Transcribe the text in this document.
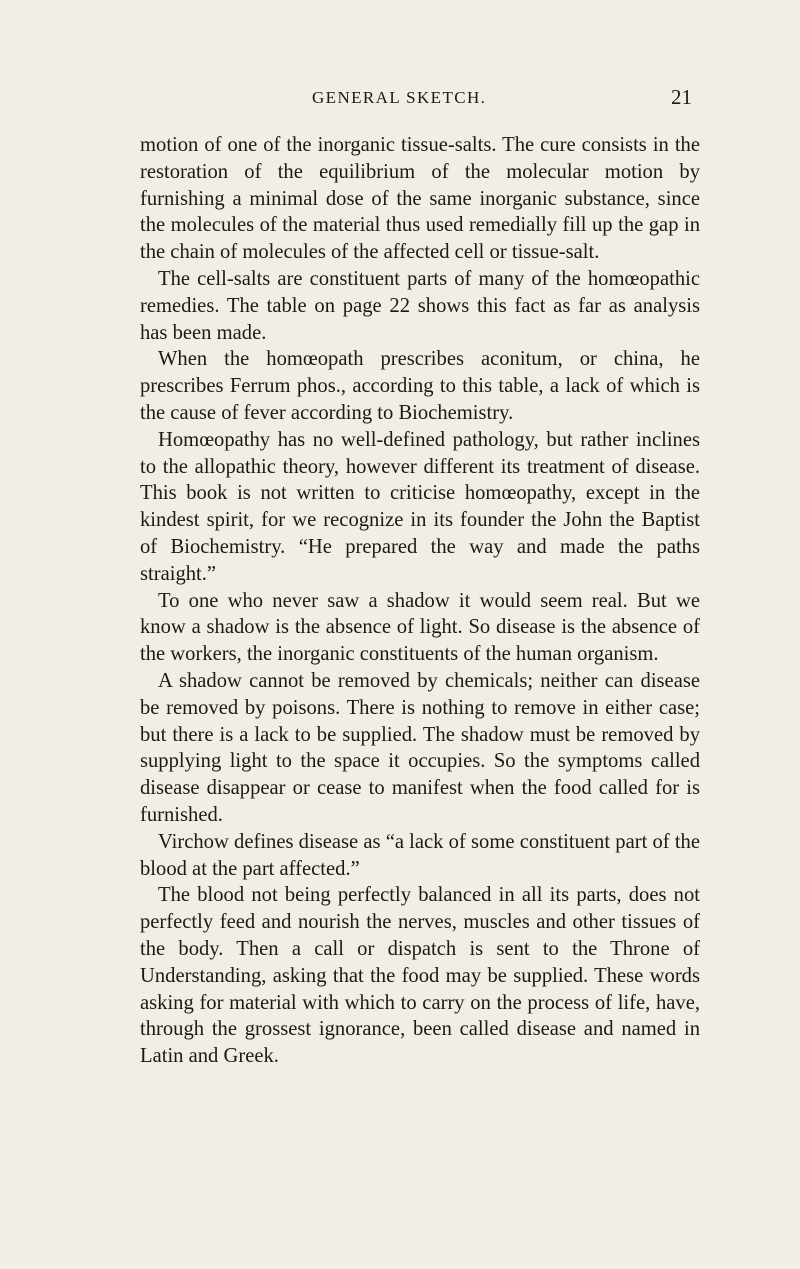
GENERAL SKETCH.	21

motion of one of the inorganic tissue-salts. The cure consists in the restoration of the equilibrium of the molecular motion by furnishing a minimal dose of the same inorganic substance, since the molecules of the material thus used remedially fill up the gap in the chain of molecules of the affected cell or tissue-salt.

The cell-salts are constituent parts of many of the homœopathic remedies. The table on page 22 shows this fact as far as analysis has been made.

When the homœopath prescribes aconitum, or china, he prescribes Ferrum phos., according to this table, a lack of which is the cause of fever according to Biochemistry.

Homœopathy has no well-defined pathology, but rather inclines to the allopathic theory, however different its treatment of disease. This book is not written to criticise homœopathy, except in the kindest spirit, for we recognize in its founder the John the Baptist of Biochemistry. “He prepared the way and made the paths straight.”

To one who never saw a shadow it would seem real. But we know a shadow is the absence of light. So disease is the absence of the workers, the inorganic constituents of the human organism.

A shadow cannot be removed by chemicals; neither can disease be removed by poisons. There is nothing to remove in either case; but there is a lack to be supplied. The shadow must be removed by supplying light to the space it occupies. So the symptoms called disease disappear or cease to manifest when the food called for is furnished.

Virchow defines disease as “a lack of some constituent part of the blood at the part affected.”

The blood not being perfectly balanced in all its parts, does not perfectly feed and nourish the nerves, muscles and other tissues of the body. Then a call or dispatch is sent to the Throne of Understanding, asking that the food may be supplied. These words asking for material with which to carry on the process of life, have, through the grossest ignorance, been called disease and named in Latin and Greek.
